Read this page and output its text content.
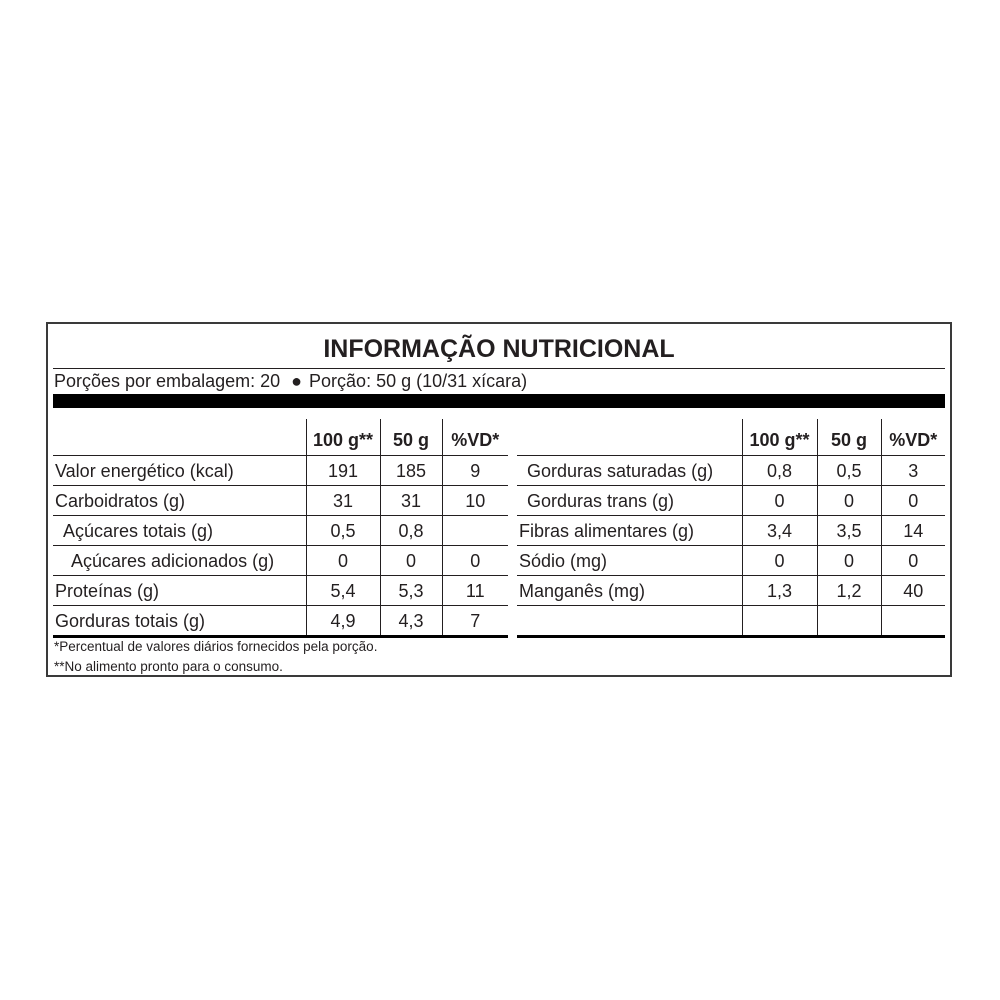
INFORMAÇÃO NUTRICIONAL
Porções por embalagem: 20 ● Porção: 50 g (10/31 xícara)
	100 g**	50 g	%VD*
Valor energético (kcal)	191	185	9
Carboidratos (g)	31	31	10
Açúcares totais (g)	0,5	0,8	
Açúcares adicionados (g)	0	0	0
Proteínas (g)	5,4	5,3	11
Gorduras totais (g)	4,9	4,3	7
	100 g**	50 g	%VD*
Gorduras saturadas (g)	0,8	0,5	3
Gorduras trans (g)	0	0	0
Fibras alimentares (g)	3,4	3,5	14
Sódio (mg)	0	0	0
Manganês (mg)	1,3	1,2	40

*Percentual de valores diários fornecidos pela porção.
**No alimento pronto para o consumo.
